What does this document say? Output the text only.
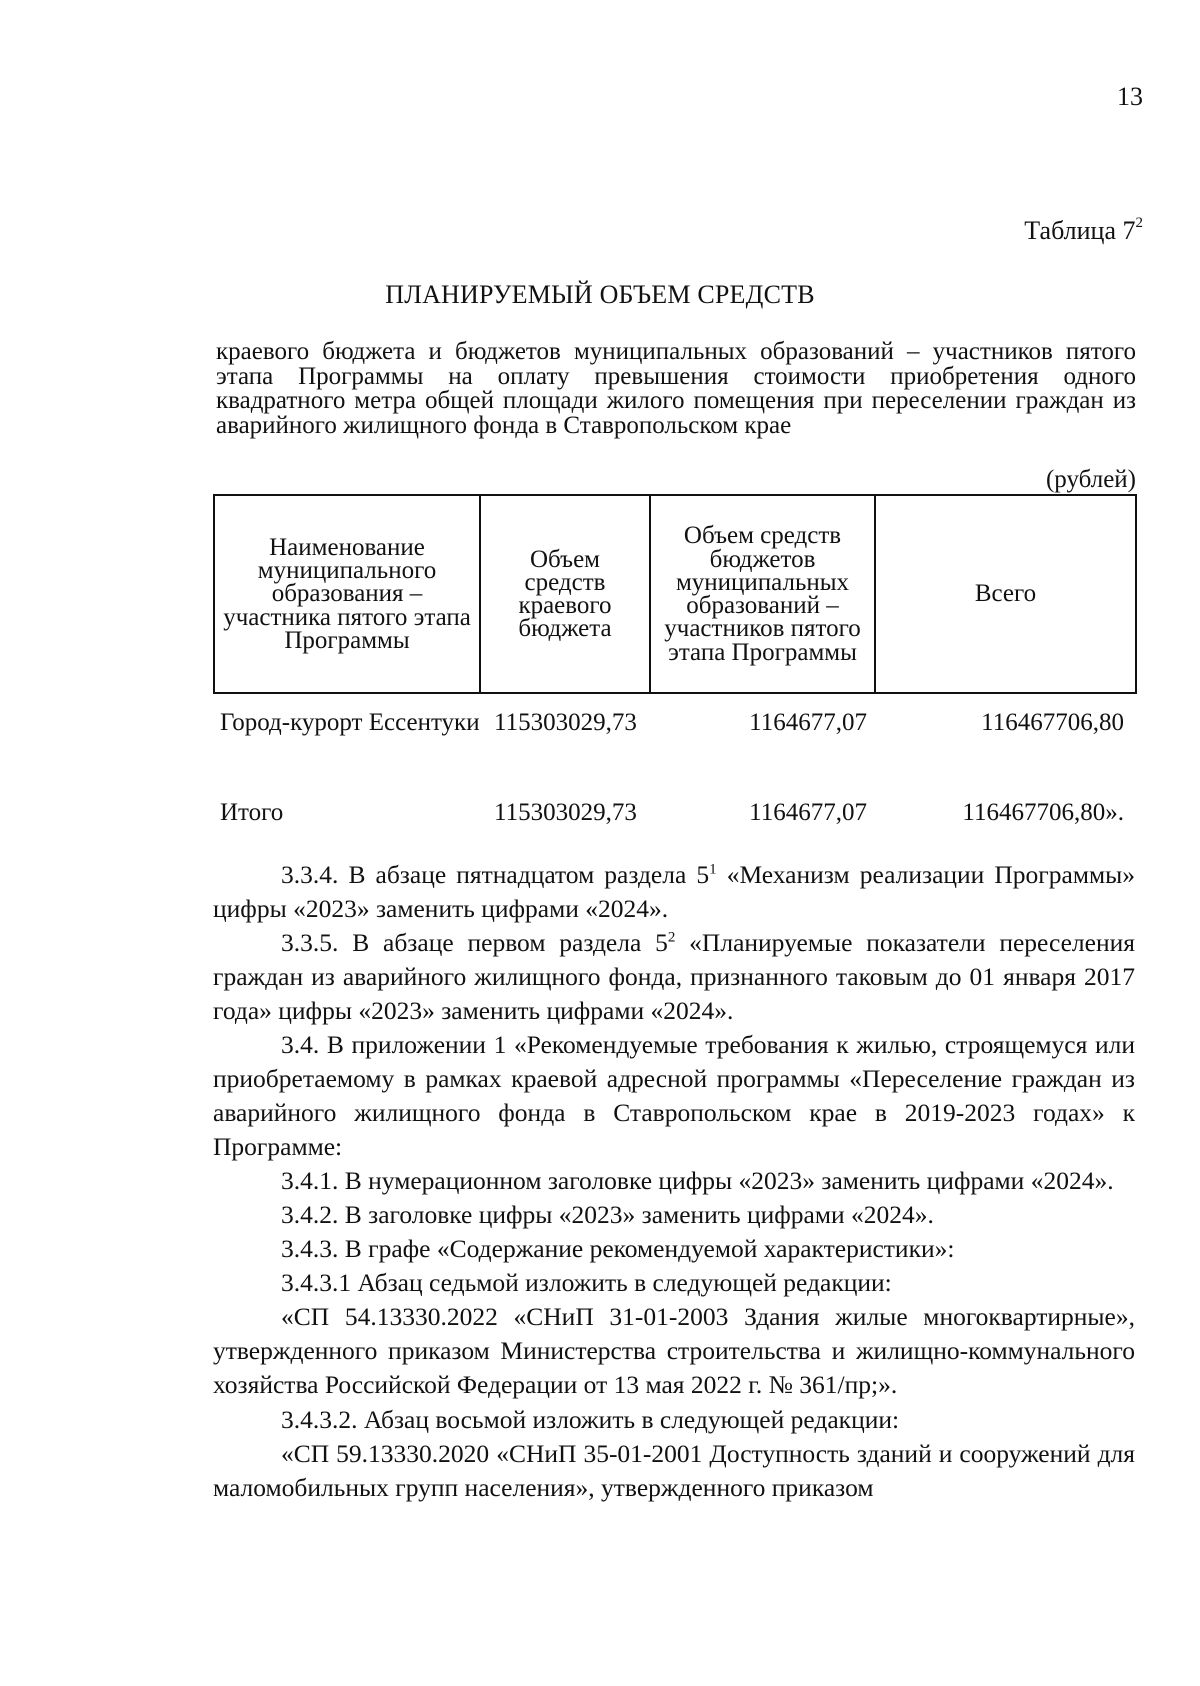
13
Таблица $7^2$
ПЛАНИРУЕМЫЙ ОБЪЕМ СРЕДСТВ
краевого бюджета и бюджетов муниципальных образований – участников пятого этапа Программы на оплату превышения стоимости приобретения одного квадратного метра общей площади жилого помещения при переселении граждан из аварийного жилищного фонда в Ставропольском крае
(рублей)
Наименование муниципального образования – участника пятого этапа Программы	Объем средств краевого бюджета	Объем средств бюджетов муниципальных образований – участников пятого этапа Программы	Всего
Город-курорт Ессентуки	115303029,73	1164677,07	116467706,80
Итого	115303029,73	1164677,07	116467706,80».

3.3.4. В абзаце пятнадцатом раздела $5^1$ «Механизм реализации Программы» цифры «2023» заменить цифрами «2024».

3.3.5. В абзаце первом раздела $5^2$ «Планируемые показатели переселения граждан из аварийного жилищного фонда, признанного таковым до 01 января 2017 года» цифры «2023» заменить цифрами «2024».

3.4. В приложении 1 «Рекомендуемые требования к жилью, строящемуся или приобретаемому в рамках краевой адресной программы «Переселение граждан из аварийного жилищного фонда в Ставропольском крае в 2019-2023 годах» к Программе:

3.4.1. В нумерационном заголовке цифры «2023» заменить цифрами «2024».

3.4.2. В заголовке цифры «2023» заменить цифрами «2024».

3.4.3. В графе «Содержание рекомендуемой характеристики»:

3.4.3.1 Абзац седьмой изложить в следующей редакции:

«СП 54.13330.2022 «СНиП 31-01-2003 Здания жилые многоквартирные», утвержденного приказом Министерства строительства и жилищно-коммунального хозяйства Российской Федерации от 13 мая 2022 г. № 361/пр;».

3.4.3.2. Абзац восьмой изложить в следующей редакции:

«СП 59.13330.2020 «СНиП 35-01-2001 Доступность зданий и сооружений для маломобильных групп населения», утвержденного приказом
